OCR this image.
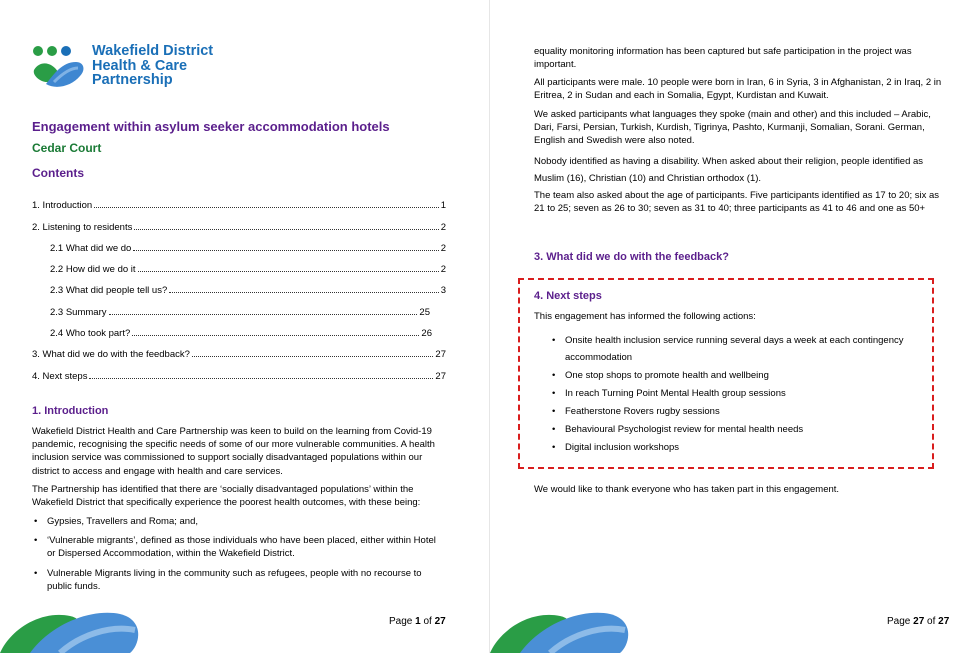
Wakefield District
Health & Care
Partnership
Engagement within asylum seeker accommodation hotels
Cedar Court
Contents
1. Introduction	1
2. Listening to residents	2
2.1 What did we do	2
2.2 How did we do it	2
2.3 What did people tell us?	3
2.3 Summary	25
2.4 Who took part?	26
3. What did we do with the feedback?	27
4. Next steps	27
1. Introduction
Wakefield District Health and Care Partnership was keen to build on the learning from Covid-19 pandemic, recognising the specific needs of some of our more vulnerable communities. A health inclusion service was commissioned to support socially disadvantaged populations within our district to access and engage with health and care services.
The Partnership has identified that there are ‘socially disadvantaged populations’ within the Wakefield District that specifically experience the poorest health outcomes, with these being:
• Gypsies, Travellers and Roma; and,
• ‘Vulnerable migrants’, defined as those individuals who have been placed, either within Hotel or Dispersed Accommodation, within the Wakefield District.
• Vulnerable Migrants living in the community such as refugees, people with no recourse to public funds.
Page 1 of 27
equality monitoring information has been captured but safe participation in the project was important.
All participants were male. 10 people were born in Iran, 6 in Syria, 3 in Afghanistan, 2 in Iraq, 2 in Eritrea, 2 in Sudan and each in Somalia, Egypt, Kurdistan and Kuwait.
We asked participants what languages they spoke (main and other) and this included – Arabic, Dari, Farsi, Persian, Turkish, Kurdish, Tigrinya, Pashto, Kurmanji, Somalian, Sorani. German, English and Swedish were also noted.
Nobody identified as having a disability. When asked about their religion, people identified as Muslim (16), Christian (10) and Christian orthodox (1).
The team also asked about the age of participants. Five participants identified as 17 to 20; six as 21 to 25; seven as 26 to 30; seven as 31 to 40; three participants as 41 to 46 and one as 50+
3. What did we do with the feedback?
4. Next steps
This engagement has informed the following actions:
• Onsite health inclusion service running several days a week at each contingency accommodation
• One stop shops to promote health and wellbeing
• In reach Turning Point Mental Health group sessions
• Featherstone Rovers rugby sessions
• Behavioural Psychologist review for mental health needs
• Digital inclusion workshops
We would like to thank everyone who has taken part in this engagement.
Page 27 of 27
